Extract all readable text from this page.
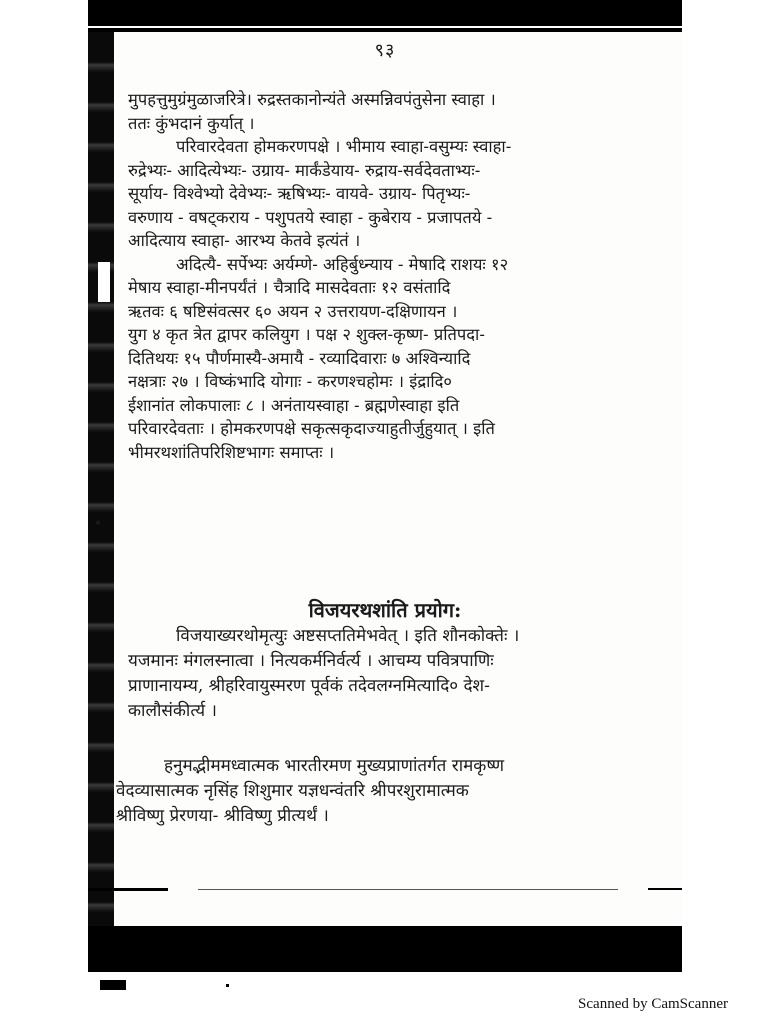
९३
मुपहत्तुमुग्रंमुळाजरित्रे। रुद्रस्तकानोन्यंते अस्मन्निवपंतुसेना स्वाहा ।
ततः कुंभदानं कुर्यात् ।
परिवारदेवता होमकरणपक्षे । भीमाय स्वाहा-वसुम्यः स्वाहा-
रुद्रेभ्यः- आदित्येभ्यः- उग्राय- मार्कंडेयाय- रुद्राय-सर्वदेवताभ्यः-
सूर्याय- विश्वेभ्यो देवेभ्यः- ऋषिभ्यः- वायवे- उग्राय- पितृभ्यः-
वरुणाय - वषट्कराय - पशुपतये स्वाहा - कुबेराय - प्रजापतये -
आदित्याय स्वाहा- आरभ्य केतवे इत्यंतं ।
अदित्यै- सर्पेभ्यः अर्यम्णे- अहिर्बुध्न्याय - मेषादि राशयः १२
मेषाय स्वाहा-मीनपर्यंतं । चैत्रादि मासदेवताः १२ वसंतादि
ऋतवः ६ षष्टिसंवत्सर ६० अयन २ उत्तरायण-दक्षिणायन ।
युग ४ कृत त्रेत द्वापर कलियुग । पक्ष २ शुक्ल-कृष्ण- प्रतिपदा-
दितिथयः १५ पौर्णमास्यै-अमायै - रव्यादिवाराः ७ अश्विन्यादि
नक्षत्राः २७ । विष्कंभादि योगाः - करणश्चहोमः । इंद्रादि०
ईशानांत लोकपालाः ८ । अनंतायस्वाहा - ब्रह्मणेस्वाहा इति
परिवारदेवताः । होमकरणपक्षे सकृत्सकृदाज्याहुतीर्जुहुयात् । इति
भीमरथशांतिपरिशिष्टभागः समाप्तः ।
•
विजयरथशांति प्रयोग:
विजयाख्यरथोमृत्युः अष्टसप्ततिमेभवेत् । इति शौनकोक्तेः ।
यजमानः मंगलस्नात्वा । नित्यकर्मनिर्वर्त्य । आचम्य पवित्रपाणिः
प्राणानायम्य, श्रीहरिवायुस्मरण पूर्वकं तदेवलग्नमित्यादि० देश-
कालौसंकीर्त्य ।
हनुमद्भीममध्वात्मक भारतीरमण मुख्यप्राणांतर्गत रामकृष्ण
वेदव्यासात्मक नृसिंह शिशुमार यज्ञधन्वंतरि श्रीपरशुरामात्मक
श्रीविष्णु प्रेरणया- श्रीविष्णु प्रीत्यर्थं ।
Scanned by CamScanner
